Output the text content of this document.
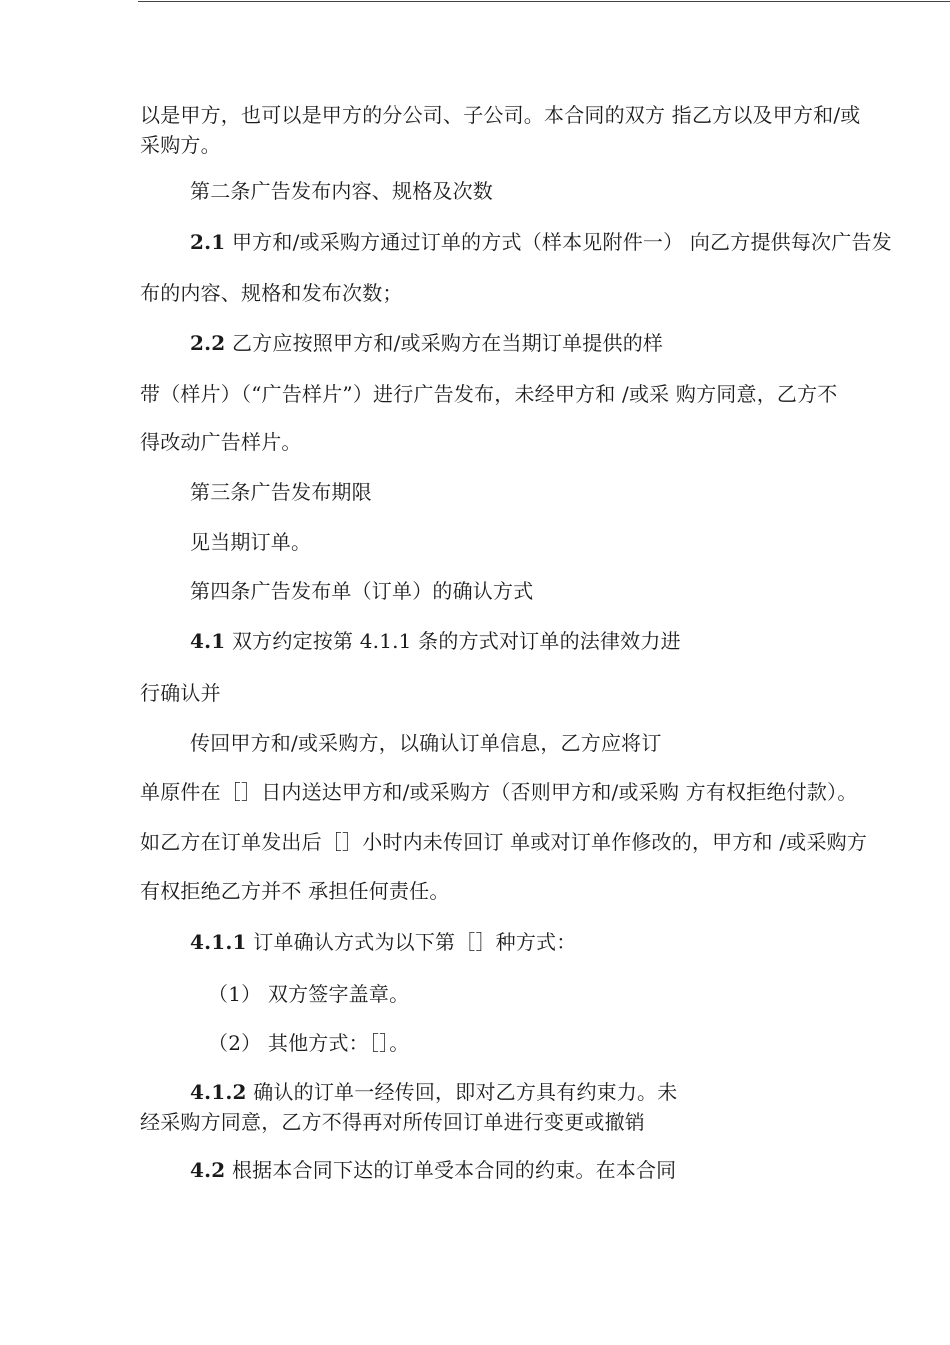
以是甲方，也可以是甲方的分公司、子公司。本合同的双方 指乙方以及甲方和/或
采购方。
第二条广告发布内容、规格及次数
2.1 甲方和/或采购方通过订单的方式（样本见附件一） 向乙方提供每次广告发
布的内容、规格和发布次数；
2.2 乙方应按照甲方和/或采购方在当期订单提供的样
带（样片）（“广告样片”）进行广告发布，未经甲方和 /或采 购方同意，乙方不
得改动广告样片。
第三条广告发布期限
见当期订单。
第四条广告发布单（订单）的确认方式
4.1 双方约定按第 4.1.1 条的方式对订单的法律效力进
行确认并
传回甲方和/或采购方，以确认订单信息，乙方应将订
单原件在［］日内送达甲方和/或采购方（否则甲方和/或采购 方有权拒绝付款）。
如乙方在订单发出后［］小时内未传回订 单或对订单作修改的，甲方和 /或采购方
有权拒绝乙方并不 承担任何责任。
4.1.1 订单确认方式为以下第［］种方式：
（1） 双方签字盖章。
（2） 其他方式：［］。
4.1.2 确认的订单一经传回，即对乙方具有约束力。未
经采购方同意，乙方不得再对所传回订单进行变更或撤销
4.2 根据本合同下达的订单受本合同的约束。在本合同
